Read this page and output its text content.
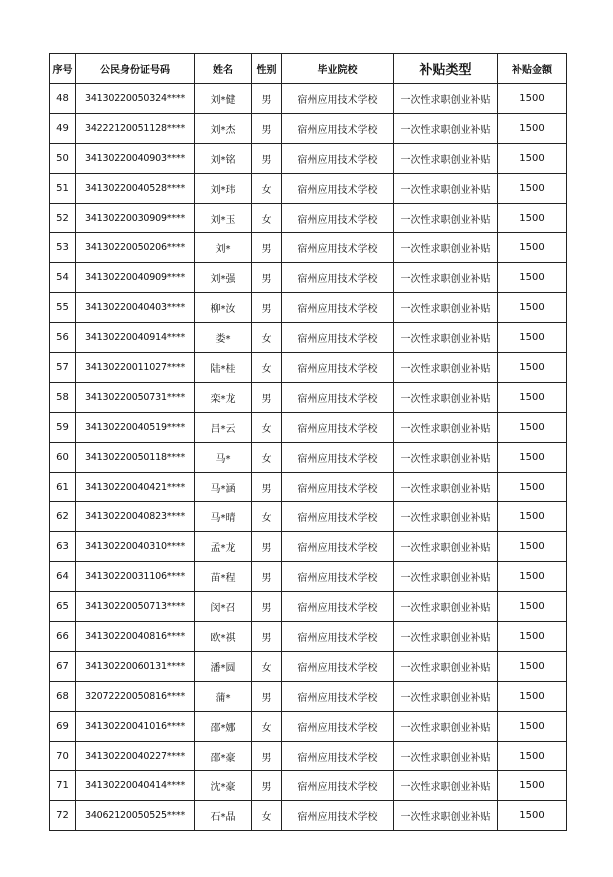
序号	公民身份证号码	姓名	性别	毕业院校	补贴类型	补贴金额
48	34130220050324****	刘*健	男	宿州应用技术学校	一次性求职创业补贴	1500
49	34222120051128****	刘*杰	男	宿州应用技术学校	一次性求职创业补贴	1500
50	34130220040903****	刘*铭	男	宿州应用技术学校	一次性求职创业补贴	1500
51	34130220040528****	刘*玮	女	宿州应用技术学校	一次性求职创业补贴	1500
52	34130220030909****	刘*玉	女	宿州应用技术学校	一次性求职创业补贴	1500
53	34130220050206****	刘*	男	宿州应用技术学校	一次性求职创业补贴	1500
54	34130220040909****	刘*强	男	宿州应用技术学校	一次性求职创业补贴	1500
55	34130220040403****	柳*汝	男	宿州应用技术学校	一次性求职创业补贴	1500
56	34130220040914****	娄*	女	宿州应用技术学校	一次性求职创业补贴	1500
57	34130220011027****	陆*桂	女	宿州应用技术学校	一次性求职创业补贴	1500
58	34130220050731****	栾*龙	男	宿州应用技术学校	一次性求职创业补贴	1500
59	34130220040519****	吕*云	女	宿州应用技术学校	一次性求职创业补贴	1500
60	34130220050118****	马*	女	宿州应用技术学校	一次性求职创业补贴	1500
61	34130220040421****	马*涵	男	宿州应用技术学校	一次性求职创业补贴	1500
62	34130220040823****	马*晴	女	宿州应用技术学校	一次性求职创业补贴	1500
63	34130220040310****	孟*龙	男	宿州应用技术学校	一次性求职创业补贴	1500
64	34130220031106****	苗*程	男	宿州应用技术学校	一次性求职创业补贴	1500
65	34130220050713****	闵*召	男	宿州应用技术学校	一次性求职创业补贴	1500
66	34130220040816****	欧*祺	男	宿州应用技术学校	一次性求职创业补贴	1500
67	34130220060131****	潘*圆	女	宿州应用技术学校	一次性求职创业补贴	1500
68	32072220050816****	蒲*	男	宿州应用技术学校	一次性求职创业补贴	1500
69	34130220041016****	邵*娜	女	宿州应用技术学校	一次性求职创业补贴	1500
70	34130220040227****	邵*豪	男	宿州应用技术学校	一次性求职创业补贴	1500
71	34130220040414****	沈*豪	男	宿州应用技术学校	一次性求职创业补贴	1500
72	34062120050525****	石*晶	女	宿州应用技术学校	一次性求职创业补贴	1500
